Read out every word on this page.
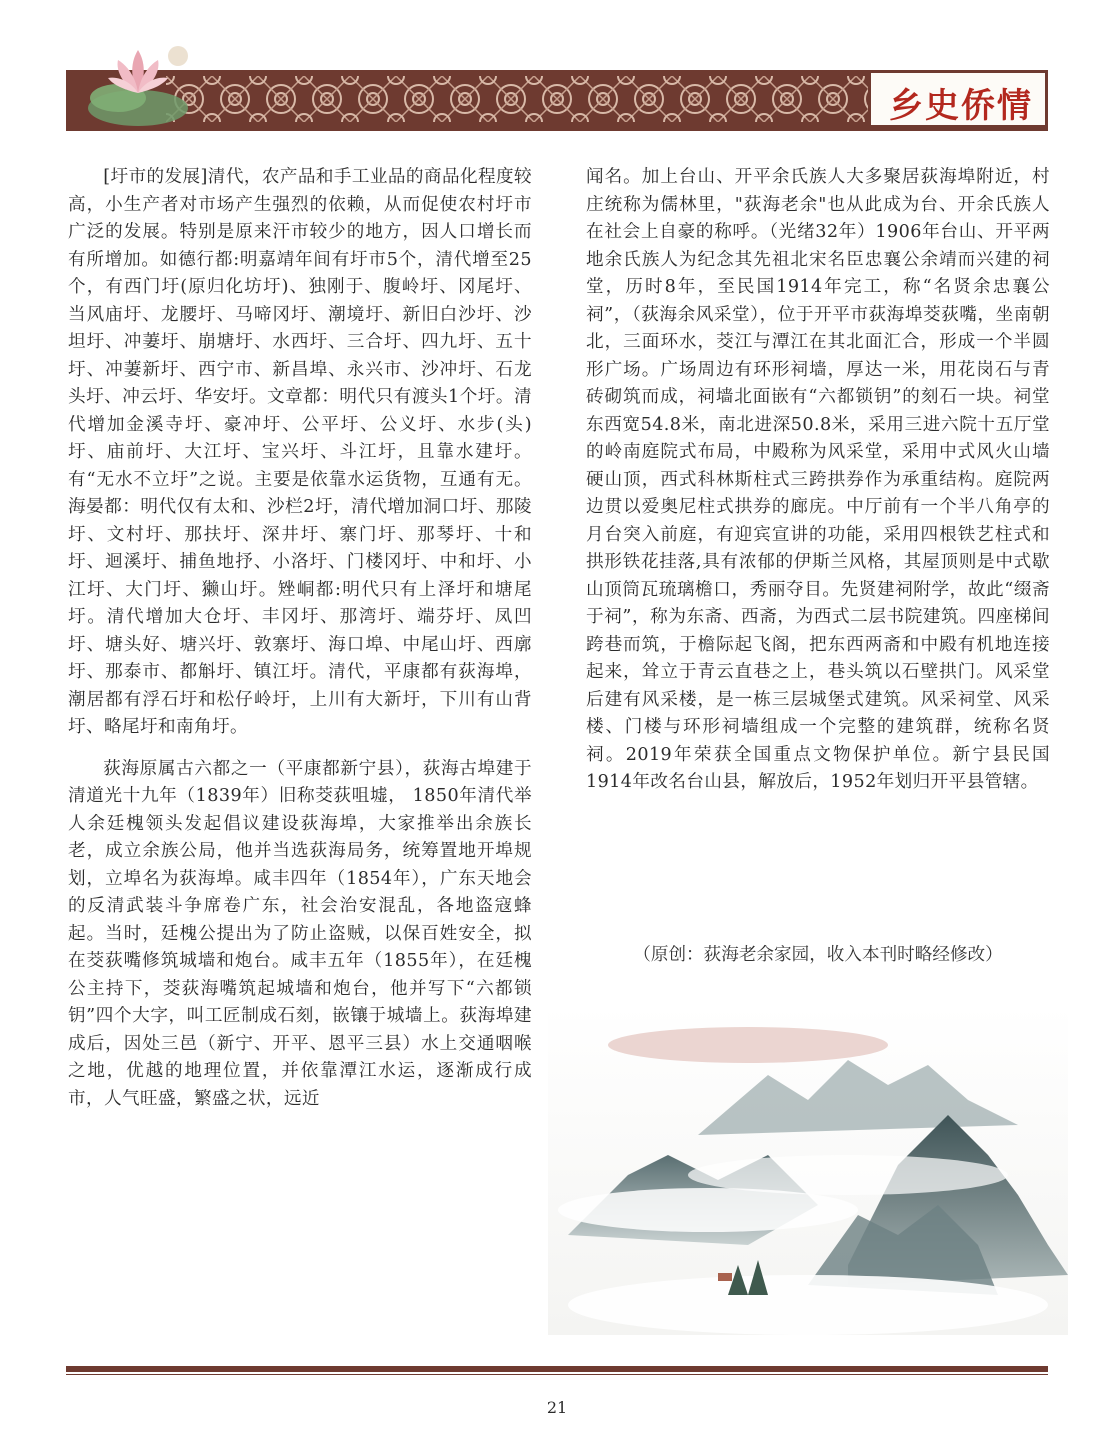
乡史侨情

[圩市的发展]清代，农产品和手工业品的商品化程度较高，小生产者对市场产生强烈的依赖，从而促使农村圩市广泛的发展。特别是原来汗市较少的地方，因人口增长而有所增加。如德行都:明嘉靖年间有圩市5个，清代增至25个，有西门圩(原归化坊圩)、独刚于、腹岭圩、冈尾圩、当风庙圩、龙腰圩、马啼冈圩、潮境圩、新旧白沙圩、沙坦圩、冲萋圩、崩塘圩、水西圩、三合圩、四九圩、五十圩、冲萋新圩、西宁市、新昌埠、永兴市、沙冲圩、石龙头圩、冲云圩、华安圩。文章都：明代只有渡头1个圩。清代增加金溪寺圩、豪冲圩、公平圩、公义圩、水步(头)圩、庙前圩、大江圩、宝兴圩、斗江圩，且靠水建圩。有“无水不立圩”之说。主要是依靠水运货物，互通有无。海晏都：明代仅有太和、沙栏2圩，清代增加洞口圩、那陵圩、文村圩、那扶圩、深井圩、寨门圩、那琴圩、十和圩、迴溪圩、捕鱼地抒、小洛圩、门楼冈圩、中和圩、小江圩、大门圩、獭山圩。矬峒都:明代只有上泽圩和塘尾圩。清代增加大仓圩、丰冈圩、那湾圩、端芬圩、凤凹圩、塘头好、塘兴圩、敦寨圩、海口埠、中尾山圩、西廓圩、那泰市、都斛圩、镇江圩。清代，平康都有荻海埠，潮居都有浮石圩和松仔岭圩，上川有大新圩，下川有山背圩、略尾圩和南角圩。

荻海原属古六都之一（平康都新宁县），荻海古埠建于清道光十九年（1839年）旧称茭荻咀墟， 1850年清代举人余廷槐领头发起倡议建设荻海埠，大家推举出余族长老，成立余族公局，他并当选荻海局务，统筹置地开埠规划，立埠名为荻海埠。咸丰四年（1854年），广东天地会的反清武装斗争席卷广东，社会治安混乱，各地盗寇蜂起。当时，廷槐公提出为了防止盗贼，以保百姓安全，拟在茭荻嘴修筑城墙和炮台。咸丰五年（1855年），在廷槐公主持下，茭荻海嘴筑起城墙和炮台，他并写下“六都锁钥”四个大字，叫工匠制成石刻，嵌镶于城墙上。荻海埠建成后，因处三邑（新宁、开平、恩平三县）水上交通咽喉之地，优越的地理位置，并依靠潭江水运，逐渐成行成市，人气旺盛，繁盛之状，远近

闻名。加上台山、开平余氏族人大多聚居荻海埠附近，村庄统称为儒林里，"荻海老余"也从此成为台、开余氏族人在社会上自豪的称呼。（光绪32年）1906年台山、开平两地余氏族人为纪念其先祖北宋名臣忠襄公余靖而兴建的祠堂，历时8年，至民国1914年完工，称“名贤余忠襄公祠”，（荻海余风采堂），位于开平市荻海埠茭荻嘴，坐南朝北，三面环水，茭江与潭江在其北面汇合，形成一个半圆形广场。广场周边有环形祠墙，厚达一米，用花岗石与青砖砌筑而成，祠墙北面嵌有“六都锁钥”的刻石一块。祠堂东西宽54.8米，南北进深50.8米，采用三进六院十五厅堂的岭南庭院式布局，中殿称为风采堂，采用中式风火山墙硬山顶，西式科林斯柱式三跨拱券作为承重结构。庭院两边贯以爱奥尼柱式拱券的廊庑。中厅前有一个半八角亭的月台突入前庭，有迎宾宣讲的功能，采用四根铁艺柱式和拱形铁花挂落,具有浓郁的伊斯兰风格，其屋顶则是中式歇山顶筒瓦琉璃檐口，秀丽夺目。先贤建祠附学，故此“缀斋于祠”，称为东斋、西斋，为西式二层书院建筑。四座梯间跨巷而筑，于檐际起飞阁，把东西两斋和中殿有机地连接起来，耸立于青云直巷之上，巷头筑以石壁拱门。风采堂后建有风采楼，是一栋三层城堡式建筑。风采祠堂、风采楼、门楼与环形祠墙组成一个完整的建筑群，统称名贤祠。2019年荣获全国重点文物保护单位。新宁县民国1914年改名台山县，解放后，1952年划归开平县管辖。

（原创：荻海老余家园，收入本刊时略经修改）
21
